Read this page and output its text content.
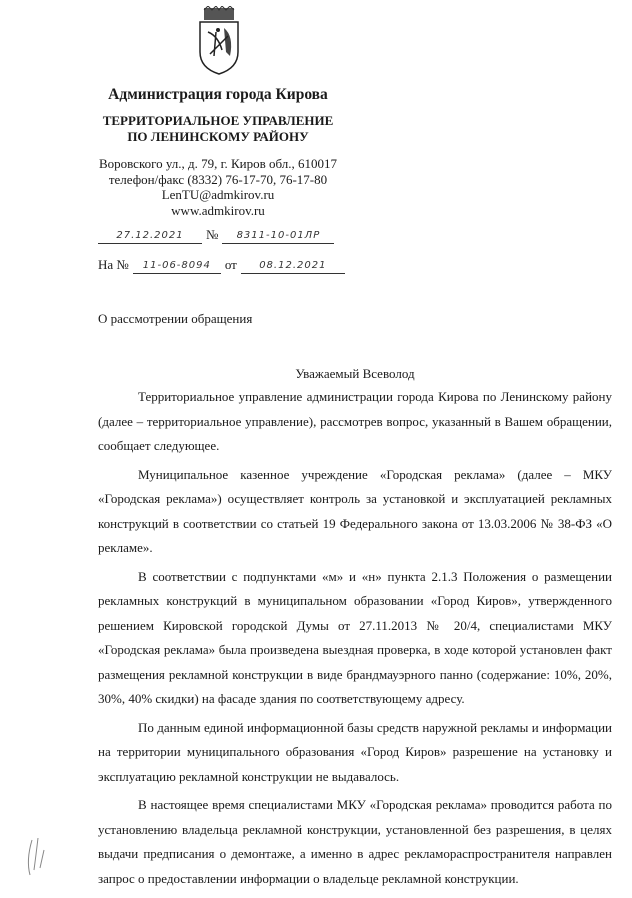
Администрация города Кирова
ТЕРРИТОРИАЛЬНОЕ УПРАВЛЕНИЕ
ПО ЛЕНИНСКОМУ РАЙОНУ
Воровского ул., д. 79, г. Киров обл., 610017
телефон/факс (8332) 76-17-70, 76-17-80
LenTU@admkirov.ru
www.admkirov.ru
27.12.2021 № 8311-10-01ЛР
На № 11-06-8094 от 08.12.2021
О рассмотрении обращения
Уважаемый Всеволод

Территориальное управление администрации города Кирова по Ленинскому району (далее – территориальное управление), рассмотрев вопрос, указанный в Вашем обращении, сообщает следующее.

Муниципальное казенное учреждение «Городская реклама» (далее – МКУ «Городская реклама») осуществляет контроль за установкой и эксплуатацией рекламных конструкций в соответствии со статьей 19 Федерального закона от 13.03.2006 № 38-ФЗ «О рекламе».

В соответствии с подпунктами «м» и «н» пункта 2.1.3 Положения о размещении рекламных конструкций в муниципальном образовании «Город Киров», утвержденного решением Кировской городской Думы от 27.11.2013 № 20/4, специалистами МКУ «Городская реклама» была произведена выездная проверка, в ходе которой установлен факт размещения рекламной конструкции в виде брандмауэрного панно (содержание: 10%, 20%, 30%, 40% скидки) на фасаде здания по соответствующему адресу.

По данным единой информационной базы средств наружной рекламы и информации на территории муниципального образования «Город Киров» разрешение на установку и эксплуатацию рекламной конструкции не выдавалось.

В настоящее время специалистами МКУ «Городская реклама» проводится работа по установлению владельца рекламной конструкции, установленной без разрешения, в целях выдачи предписания о демонтаже, а именно в адрес рекламораспространителя направлен запрос о предоставлении информации о владельце рекламной конструкции.
